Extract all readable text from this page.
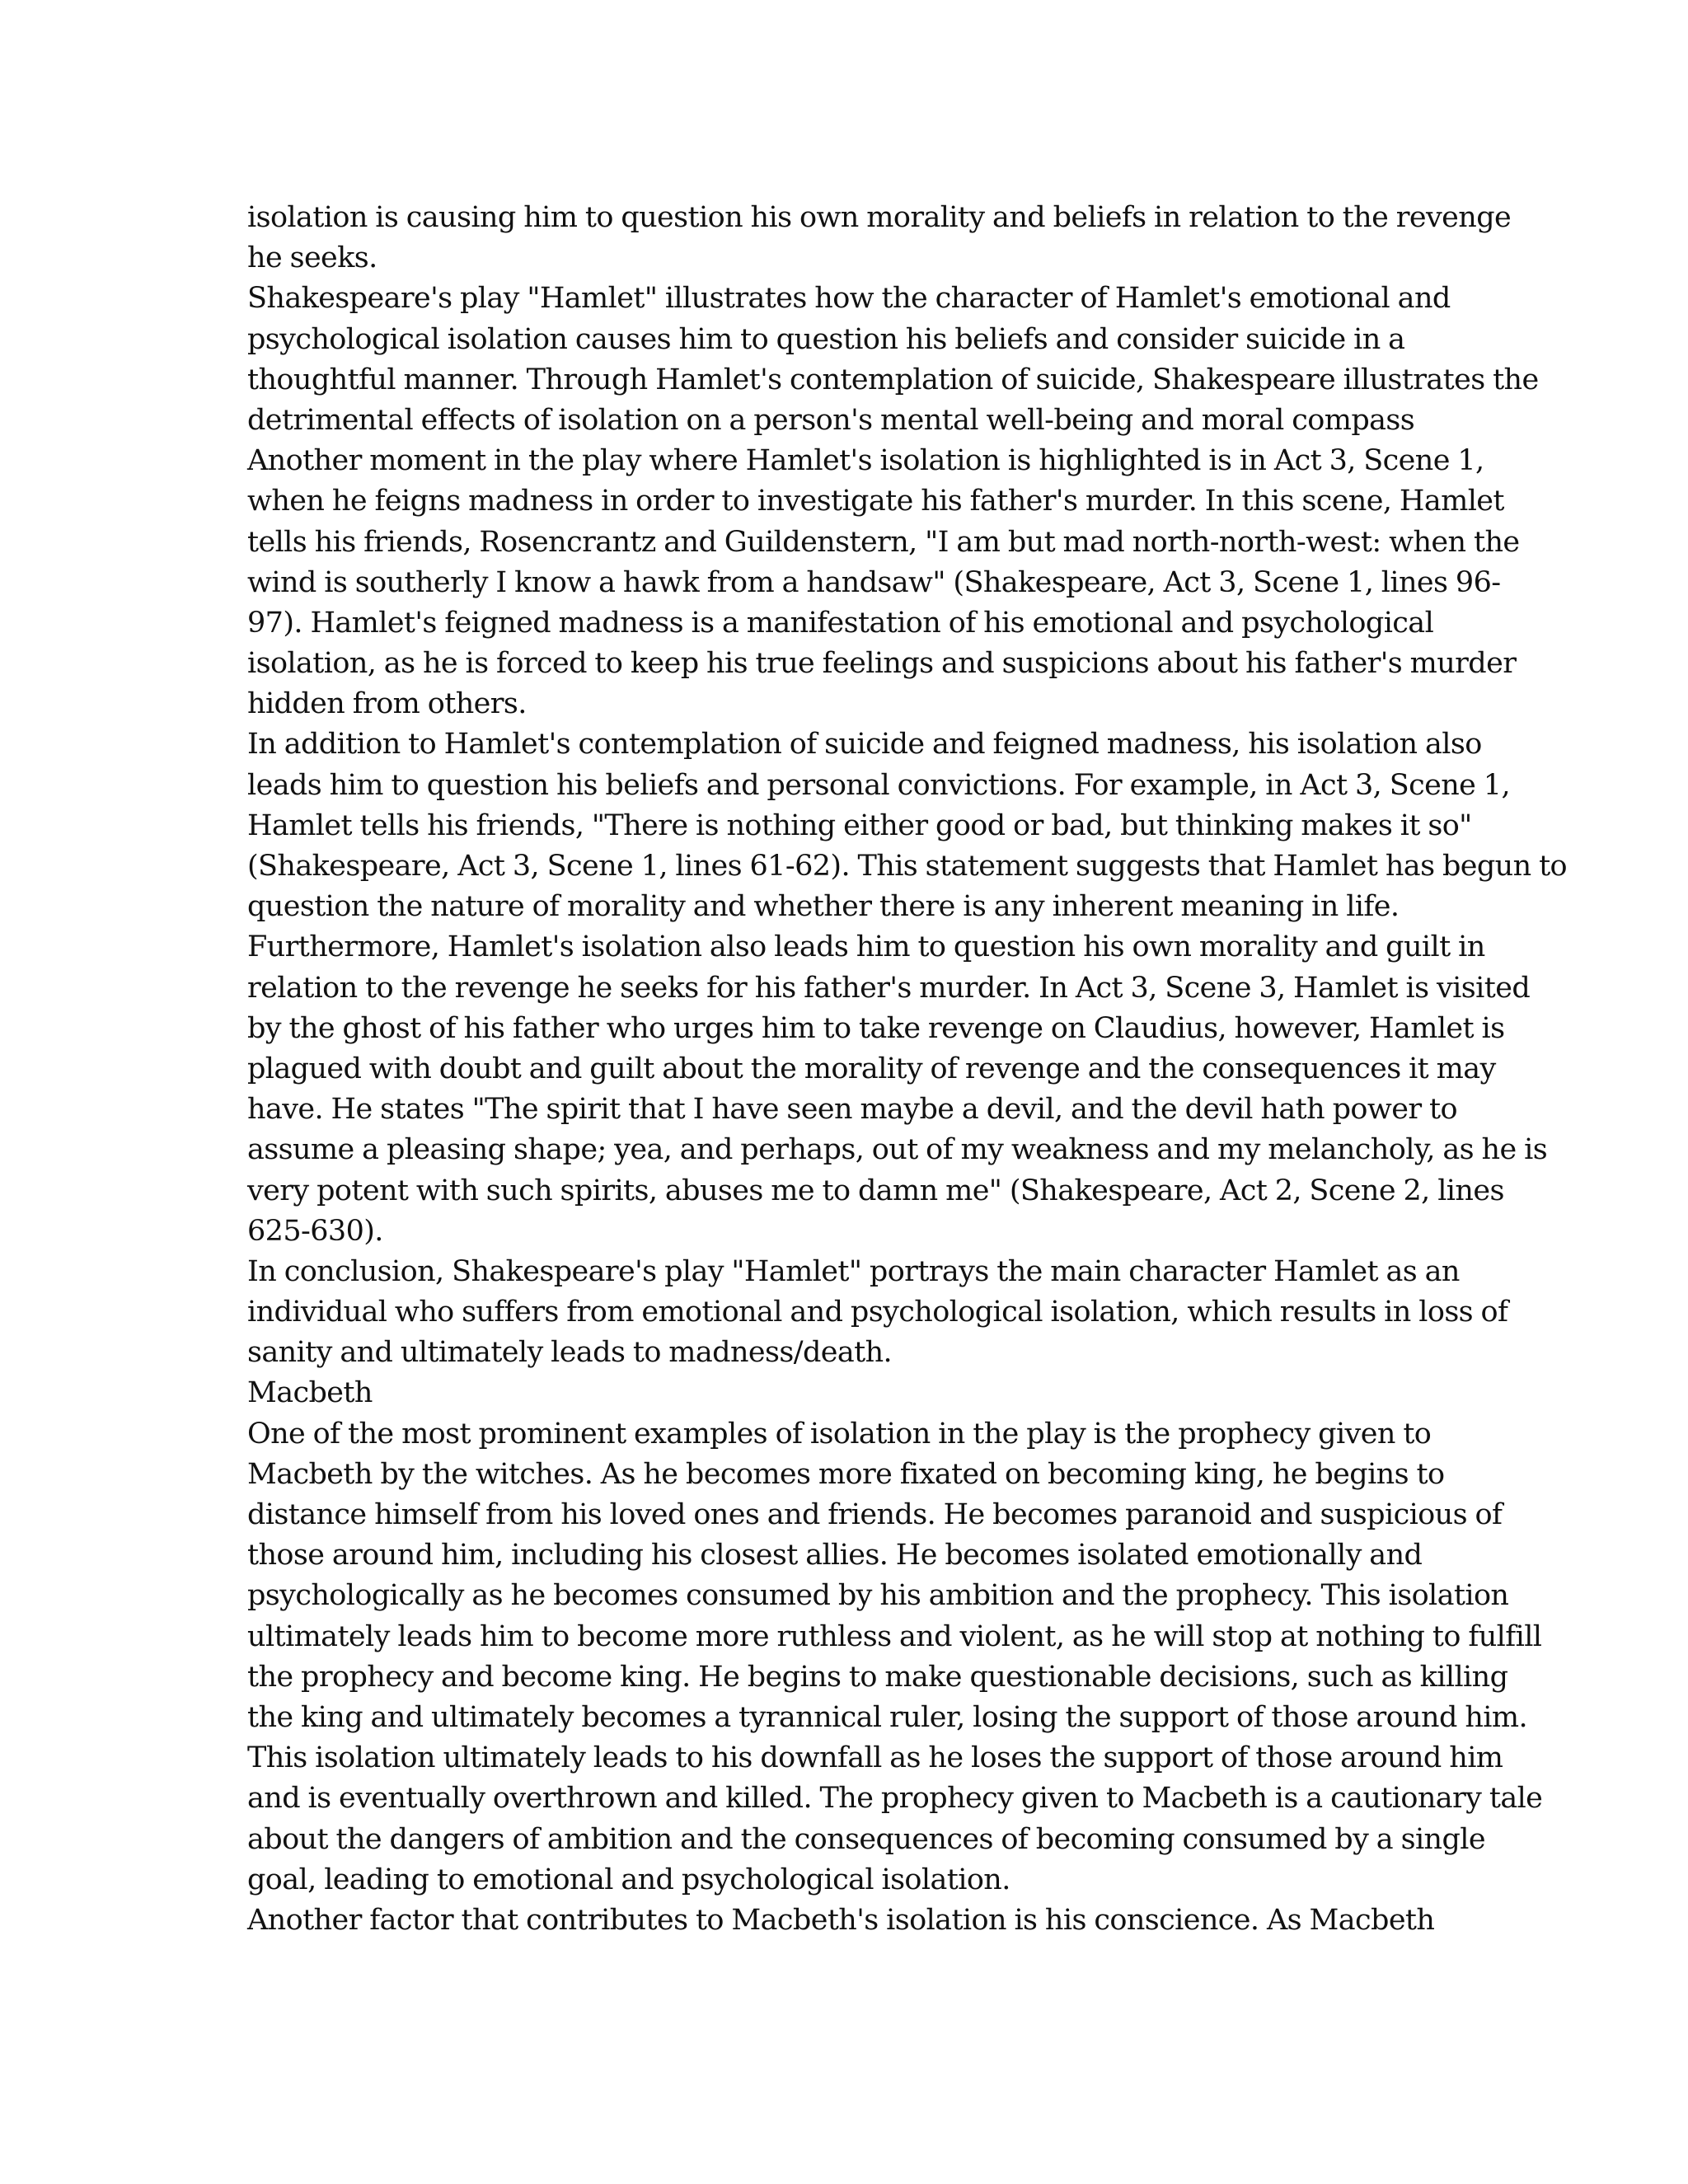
isolation is causing him to question his own morality and beliefs in relation to the revenge
he seeks.
Shakespeare's play "Hamlet" illustrates how the character of Hamlet's emotional and
psychological isolation causes him to question his beliefs and consider suicide in a
thoughtful manner. Through Hamlet's contemplation of suicide, Shakespeare illustrates the
detrimental effects of isolation on a person's mental well-being and moral compass
Another moment in the play where Hamlet's isolation is highlighted is in Act 3, Scene 1,
when he feigns madness in order to investigate his father's murder. In this scene, Hamlet
tells his friends, Rosencrantz and Guildenstern, "I am but mad north-north-west: when the
wind is southerly I know a hawk from a handsaw" (Shakespeare, Act 3, Scene 1, lines 96-
97). Hamlet's feigned madness is a manifestation of his emotional and psychological
isolation, as he is forced to keep his true feelings and suspicions about his father's murder
hidden from others.
In addition to Hamlet's contemplation of suicide and feigned madness, his isolation also
leads him to question his beliefs and personal convictions. For example, in Act 3, Scene 1,
Hamlet tells his friends, "There is nothing either good or bad, but thinking makes it so"
(Shakespeare, Act 3, Scene 1, lines 61-62). This statement suggests that Hamlet has begun to
question the nature of morality and whether there is any inherent meaning in life.
Furthermore, Hamlet's isolation also leads him to question his own morality and guilt in
relation to the revenge he seeks for his father's murder. In Act 3, Scene 3, Hamlet is visited
by the ghost of his father who urges him to take revenge on Claudius, however, Hamlet is
plagued with doubt and guilt about the morality of revenge and the consequences it may
have. He states "The spirit that I have seen maybe a devil, and the devil hath power to
assume a pleasing shape; yea, and perhaps, out of my weakness and my melancholy, as he is
very potent with such spirits, abuses me to damn me" (Shakespeare, Act 2, Scene 2, lines
625-630).
In conclusion, Shakespeare's play "Hamlet" portrays the main character Hamlet as an
individual who suffers from emotional and psychological isolation, which results in loss of
sanity and ultimately leads to madness/death.
Macbeth
One of the most prominent examples of isolation in the play is the prophecy given to
Macbeth by the witches. As he becomes more fixated on becoming king, he begins to
distance himself from his loved ones and friends. He becomes paranoid and suspicious of
those around him, including his closest allies. He becomes isolated emotionally and
psychologically as he becomes consumed by his ambition and the prophecy. This isolation
ultimately leads him to become more ruthless and violent, as he will stop at nothing to fulfill
the prophecy and become king. He begins to make questionable decisions, such as killing
the king and ultimately becomes a tyrannical ruler, losing the support of those around him.
This isolation ultimately leads to his downfall as he loses the support of those around him
and is eventually overthrown and killed. The prophecy given to Macbeth is a cautionary tale
about the dangers of ambition and the consequences of becoming consumed by a single
goal, leading to emotional and psychological isolation.
Another factor that contributes to Macbeth's isolation is his conscience. As Macbeth
